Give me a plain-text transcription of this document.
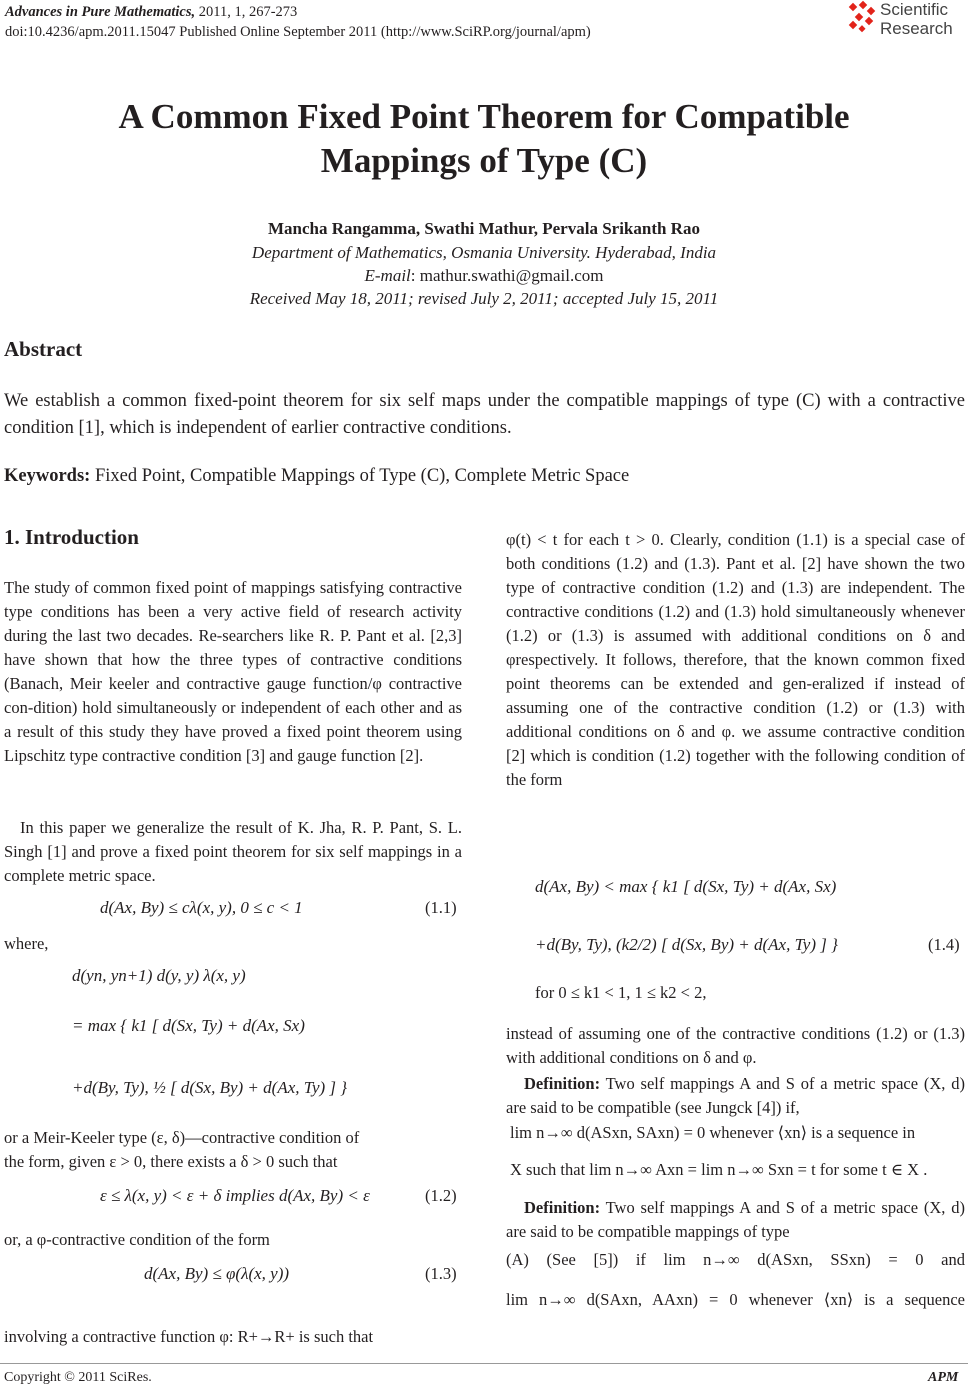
Advances in Pure Mathematics, 2011, 1, 267-273
doi:10.4236/apm.2011.15047 Published Online September 2011 (http://www.SciRP.org/journal/apm)
Scientific
Research
A Common Fixed Point Theorem for Compatible
Mappings of Type (C)
Mancha Rangamma, Swathi Mathur, Pervala Srikanth Rao
Department of Mathematics, Osmania University. Hyderabad, India
E-mail: mathur.swathi@gmail.com
Received May 18, 2011; revised July 2, 2011; accepted July 15, 2011
Abstract
We establish a common fixed-point theorem for six self maps under the compatible mappings of type (C) with a contractive condition [1], which is independent of earlier contractive conditions.
Keywords: Fixed Point, Compatible Mappings of Type (C), Complete Metric Space
1. Introduction
The study of common fixed point of mappings satisfying contractive type conditions has been a very active field of research activity during the last two decades. Re-searchers like R. P. Pant et al. [2,3] have shown that how the three types of contractive conditions (Banach, Meir keeler and contractive gauge function/φ contractive con-dition) hold simultaneously or independent of each other and as a result of this study they have proved a fixed point theorem using Lipschitz type contractive condition [3] and gauge function [2].
In this paper we generalize the result of K. Jha, R. P. Pant, S. L. Singh [1] and prove a fixed point theorem for six self mappings in a complete metric space.
d(Ax, By) ≤ cλ(x, y), 0 ≤ c < 1	(1.1)
where,
d(yn, yn+1) d(y, y) λ(x, y)
= max { k1 [ d(Sx, Ty) + d(Ax, Sx)
+d(By, Ty), ½ [ d(Sx, By) + d(Ax, Ty) ] }
or a Meir-Keeler type (ε, δ)—contractive condition of
the form, given ε > 0, there exists a δ > 0 such that
ε ≤ λ(x, y) < ε + δ implies d(Ax, By) < ε	(1.2)
or, a φ-contractive condition of the form
d(Ax, By) ≤ φ(λ(x, y))	(1.3)
involving a contractive function φ: R+→R+ is such that
φ(t) < t for each t > 0. Clearly, condition (1.1) is a special case of both conditions (1.2) and (1.3). Pant et al. [2] have shown the two type of contractive condition (1.2) and (1.3) are independent. The contractive conditions (1.2) and (1.3) hold simultaneously whenever (1.2) or (1.3) is assumed with additional conditions on δ and φrespectively. It follows, therefore, that the known common fixed point theorems can be extended and gen-eralized if instead of assuming one of the contractive condition (1.2) or (1.3) with additional conditions on δ and φ. we assume contractive condition [2] which is condition (1.2) together with the following condition of the form
d(Ax, By) < max { k1 [ d(Sx, Ty) + d(Ax, Sx)
+d(By, Ty), (k2/2) [ d(Sx, By) + d(Ax, Ty) ] }	(1.4)
for 0 ≤ k1 < 1, 1 ≤ k2 < 2,
instead of assuming one of the contractive conditions (1.2) or (1.3) with additional conditions on δ and φ.
Definition: Two self mappings A and S of a metric space (X, d) are said to be compatible (see Jungck [4]) if,
lim n→∞ d(ASxn, SAxn) = 0 whenever ⟨xn⟩ is a sequence in
X such that lim n→∞ Axn = lim n→∞ Sxn = t for some t ∈ X .
Definition: Two self mappings A and S of a metric space (X, d) are said to be compatible mappings of type
(A) (See [5]) if lim n→∞ d(ASxn, SSxn) = 0 and
lim n→∞ d(SAxn, AAxn) = 0 whenever ⟨xn⟩ is a sequence
Copyright © 2011 SciRes.	APM
